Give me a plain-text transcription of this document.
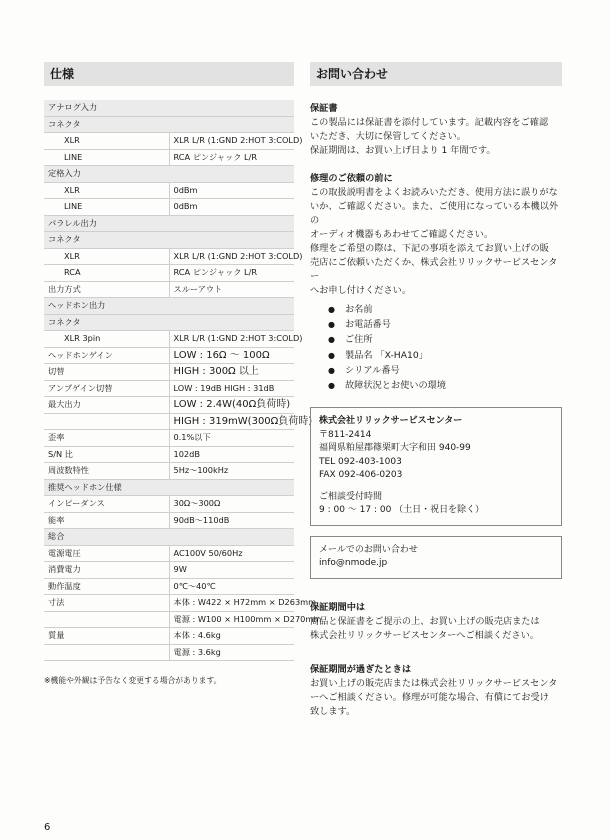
仕様
アナログ入力	
コネクタ	
XLR	XLR L/R (1:GND 2:HOT 3:COLD)
LINE	RCA ピンジャック L/R
定格入力	
XLR	0dBm
LINE	0dBm
パラレル出力	
コネクタ	
XLR	XLR L/R (1:GND 2:HOT 3:COLD)
RCA	RCA ピンジャック L/R
出力方式	スルーアウト
ヘッドホン出力	
コネクタ	
XLR 3pin	XLR L/R (1:GND 2:HOT 3:COLD)
ヘッドホンゲイン	LOW : 16Ω 〜 100Ω
切替	HIGH : 300Ω 以上
アンプゲイン切替	LOW : 19dB HIGH : 31dB
最大出力	LOW : 2.4W(40Ω負荷時)
	HIGH : 319mW(300Ω負荷時)
歪率	0.1%以下
S/N 比	102dB
周波数特性	5Hz〜100kHz
推奨ヘッドホン仕様	
インピーダンス	30Ω〜300Ω
能率	90dB〜110dB
総合	
電源電圧	AC100V 50/60Hz
消費電力	9W
動作温度	0℃〜40℃
寸法	本体 : W422 × H72mm × D263mm
	電源 : W100 × H100mm × D270mm
質量	本体 : 4.6kg
	電源 : 3.6kg
※機能や外観は予告なく変更する場合があります。
お問い合わせ
保証書
この製品には保証書を添付しています。記載内容をご確認
いただき、大切に保管してください。
保証期間は、お買い上げ日より 1 年間です。
修理のご依頼の前に
この取扱説明書をよくお読みいただき、使用方法に誤りがな
いか、ご確認ください。また、ご使用になっている本機以外の
オーディオ機器もあわせてご確認ください。
修理をご希望の際は、下記の事項を添えてお買い上げの販
売店にご依頼いただくか、株式会社リリックサービスセンター
へお申し付けください。
● お名前
● お電話番号
● ご住所
● 製品名 「X-HA10」
● シリアル番号
● 故障状況とお使いの環境
株式会社リリックサービスセンター
〒811-2414
福岡県粕屋郡篠栗町大字和田 940-99
TEL 092-403-1003
FAX 092-406-0203
ご相談受付時間
9 : 00 〜 17 : 00 （土日・祝日を除く）
メールでのお問い合わせ
info@nmode.jp
保証期間中は
商品と保証書をご提示の上、お買い上げの販売店または
株式会社リリックサービスセンターへご相談ください。
保証期間が過ぎたときは
お買い上げの販売店または株式会社リリックサービスセンタ
ーへご相談ください。修理が可能な場合、有償にてお受け
致します。
6
